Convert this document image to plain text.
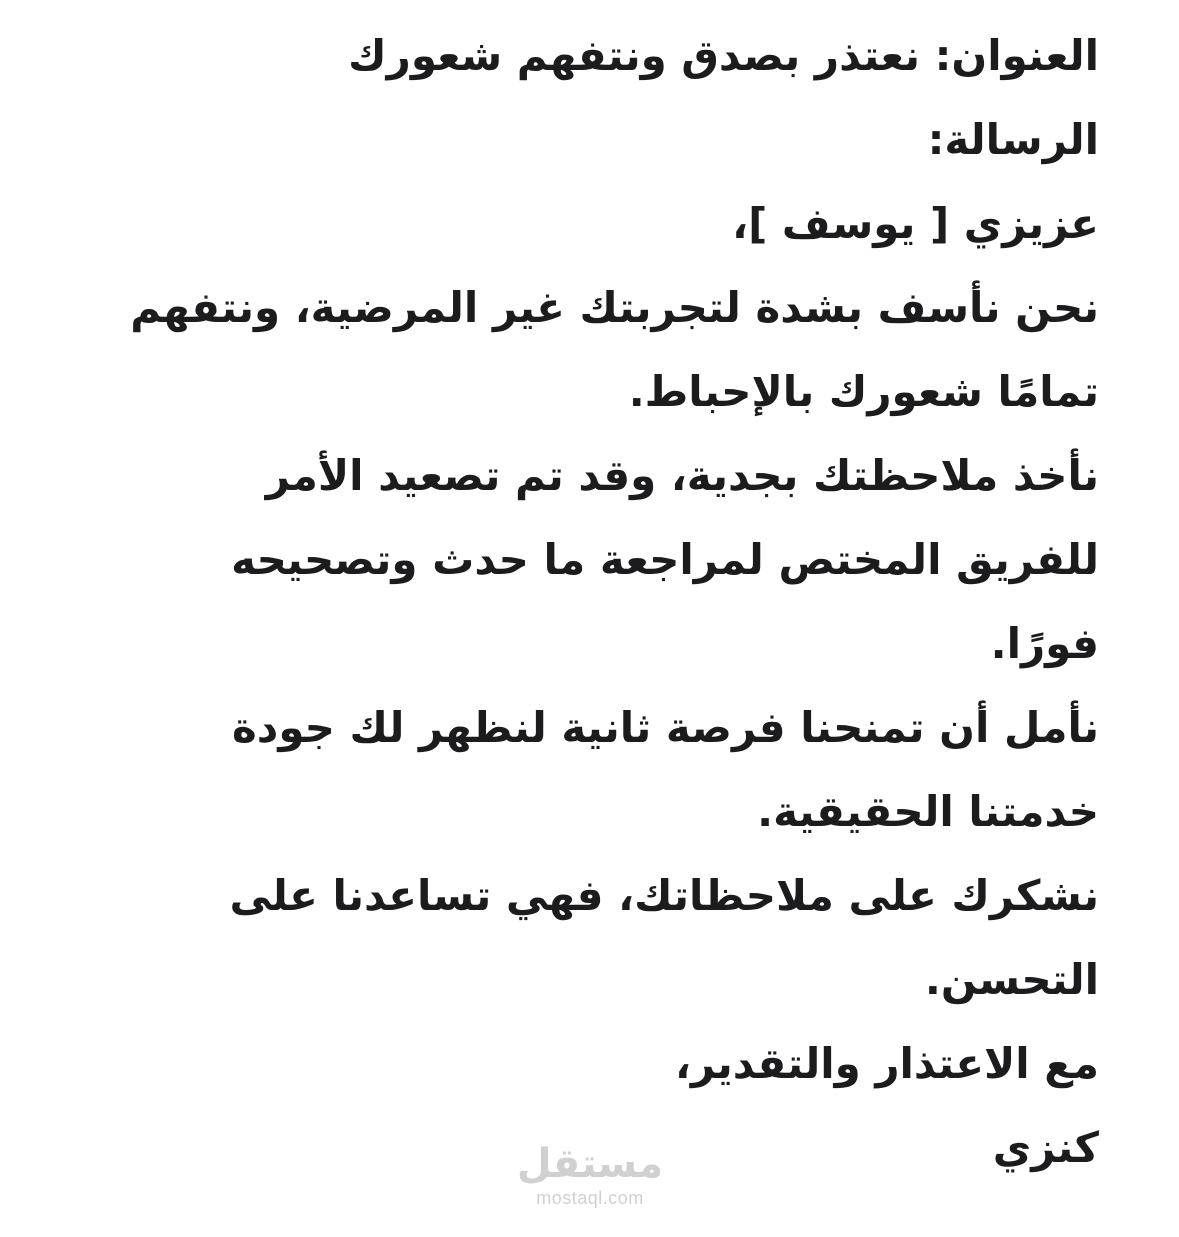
العنوان: نعتذر بصدق ونتفهم شعورك

الرسالة:

عزيزي [ يوسف ]،

نحن نأسف بشدة لتجربتك غير المرضية، ونتفهم

تمامًا شعورك بالإحباط.

نأخذ ملاحظتك بجدية، وقد تم تصعيد الأمر

للفريق المختص لمراجعة ما حدث وتصحيحه

فورًا.

نأمل أن تمنحنا فرصة ثانية لنظهر لك جودة

خدمتنا الحقيقية.

نشكرك على ملاحظاتك، فهي تساعدنا على

التحسن.

مع الاعتذار والتقدير،

كنزي

مستقل
mostaql.com
